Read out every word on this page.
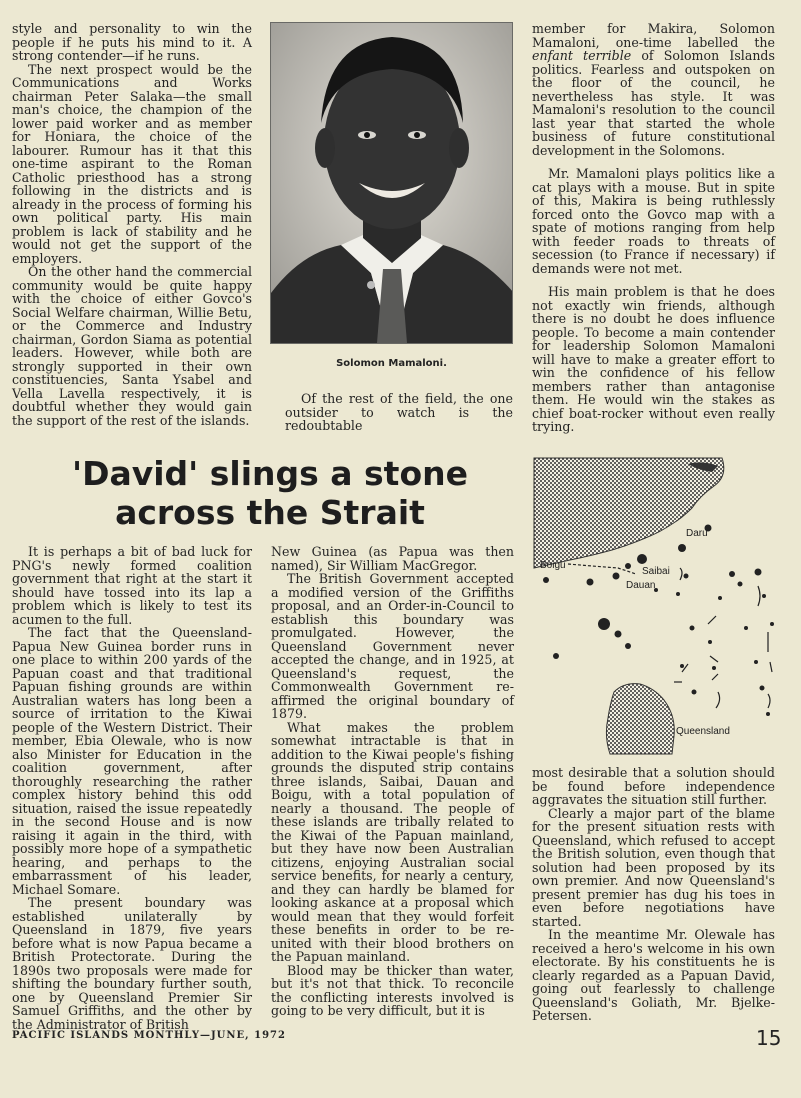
style and personality to win the people if he puts his mind to it. A strong contender—if he runs.

The next prospect would be the Communications and Works chairman Peter Salaka—the small man's choice, the champion of the lower paid worker and as member for Honiara, the choice of the labourer. Rumour has it that this one-time aspirant to the Roman Catholic priesthood has a strong following in the districts and is already in the process of forming his own political party. His main problem is lack of stability and he would not get the support of the employers.

On the other hand the commercial community would be quite happy with the choice of either Govco's Social Welfare chairman, Willie Betu, or the Commerce and Industry chairman, Gordon Siama as potential leaders. However, while both are strongly supported in their own constituencies, Santa Ysabel and Vella Lavella respectively, it is doubtful whether they would gain the support of the rest of the islands.

Solomon Mamaloni.

Of the rest of the field, the one outsider to watch is the redoubtable

member for Makira, Solomon Mamaloni, one-time labelled the enfant terrible of Solomon Islands politics. Fearless and outspoken on the floor of the council, he nevertheless has style. It was Mamaloni's resolution to the council last year that started the whole business of future constitutional development in the Solomons.

Mr. Mamaloni plays politics like a cat plays with a mouse. But in spite of this, Makira is being ruthlessly forced onto the Govco map with a spate of motions ranging from help with feeder roads to threats of secession (to France if necessary) if demands were not met.

His main problem is that he does not exactly win friends, although there is no doubt he does influence people. To become a main contender for leadership Solomon Mamaloni will have to make a greater effort to win the confidence of his fellow members rather than antagonise them. He would win the stakes as chief boat-rocker without even really trying.

'David' slings a stone
across the Strait

It is perhaps a bit of bad luck for PNG's newly formed coalition government that right at the start it should have tossed into its lap a problem which is likely to test its acumen to the full.

The fact that the Queensland-Papua New Guinea border runs in one place to within 200 yards of the Papuan coast and that traditional Papuan fishing grounds are within Australian waters has long been a source of irritation to the Kiwai people of the Western District. Their member, Ebia Olewale, who is now also Minister for Education in the coalition government, after thoroughly researching the rather complex history behind this odd situation, raised the issue repeatedly in the second House and is now raising it again in the third, with possibly more hope of a sympathetic hearing, and perhaps to the embarrassment of his leader, Michael Somare.

The present boundary was established unilaterally by Queensland in 1879, five years before what is now Papua became a British Protectorate. During the 1890s two proposals were made for shifting the boundary further south, one by Queensland Premier Sir Samuel Griffiths, and the other by the Administrator of British

New Guinea (as Papua was then named), Sir William MacGregor.

The British Government accepted a modified version of the Griffiths proposal, and an Order-in-Council to establish this boundary was promulgated. However, the Queensland Government never accepted the change, and in 1925, at Queensland's request, the Commonwealth Government re-affirmed the original boundary of 1879.

What makes the problem somewhat intractable is that in addition to the Kiwai people's fishing grounds the disputed strip contains three islands, Saibai, Dauan and Boigu, with a total population of nearly a thousand. The people of these islands are tribally related to the Kiwai of the Papuan mainland, but they have now been Australian citizens, enjoying Australian social service benefits, for nearly a century, and they can hardly be blamed for looking askance at a proposal which would mean that they would forfeit these benefits in order to be re-united with their blood brothers on the Papuan mainland.

Blood may be thicker than water, but it's not that thick. To reconcile the conflicting interests involved is going to be very difficult, but it is

Daru
Boigu
Saibai
Dauan
Queensland

most desirable that a solution should be found before independence aggravates the situation still further.

Clearly a major part of the blame for the present situation rests with Queensland, which refused to accept the British solution, even though that solution had been proposed by its own premier. And now Queensland's present premier has dug his toes in even before negotiations have started.

In the meantime Mr. Olewale has received a hero's welcome in his own electorate. By his constituents he is clearly regarded as a Papuan David, going out fearlessly to challenge Queensland's Goliath, Mr. Bjelke-Petersen.

PACIFIC ISLANDS MONTHLY—JUNE, 1972	15
